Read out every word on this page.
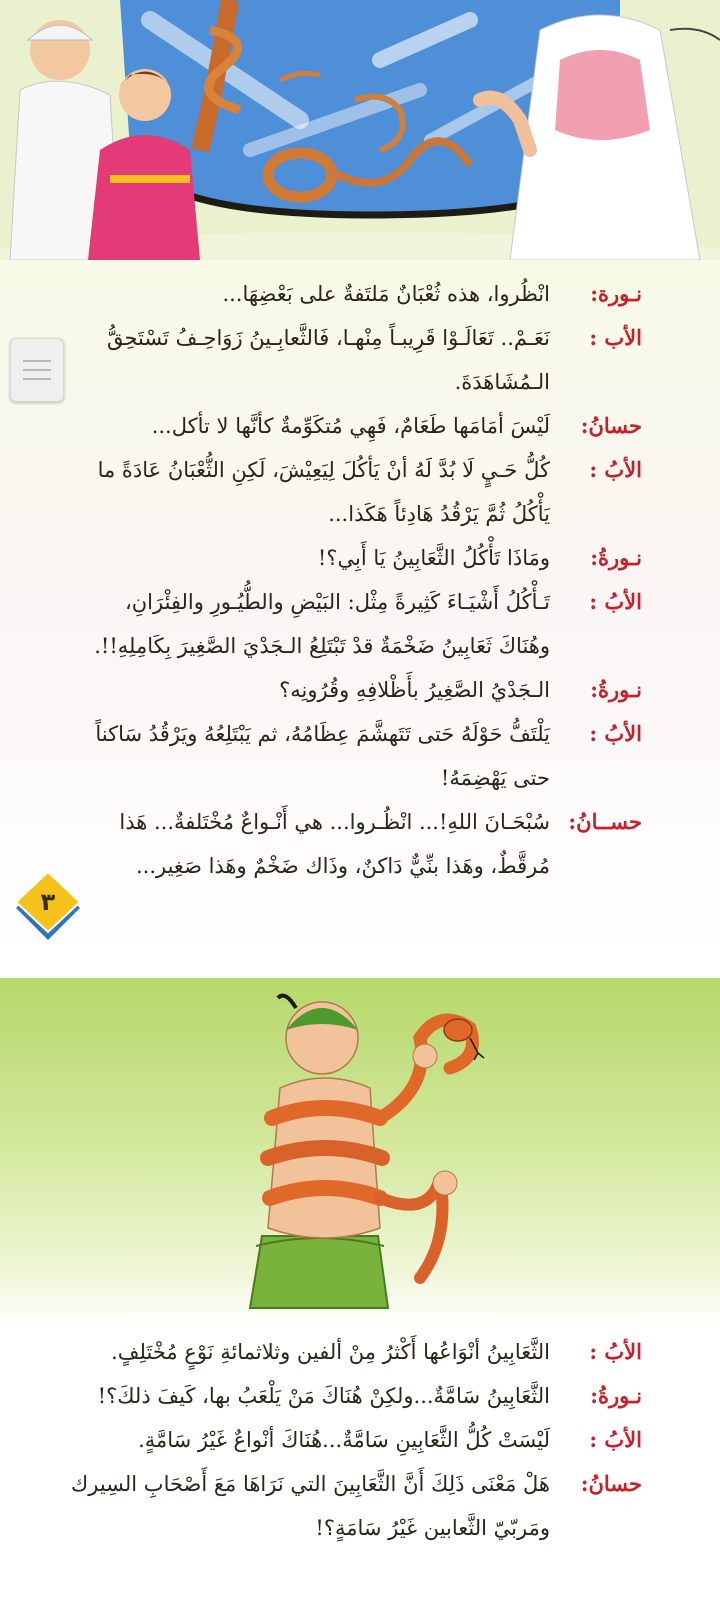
نـورة:
انْظُروا، هذه ثُعْبَانٌ مَلتَفةٌ على بَعْضِهَا...
الأب :
نَعَـمْ.. تَعَالَـوْا قَرِيبـاً مِنْهـا، فَالثَّعابِـينُ زَوَاحِـفُ تَسْتَحِقُّ الـمُشَاهَدَةَ.
حسانُ:
لَيْسَ أمَامَها طَعَامٌ، فَهِي مُتكَوِّمةٌ كأنَّها لا تأكل...
الأبُ :
كُلُّ حَـيٍ لَا بُدَّ لَهُ أنْ يَأكُلَ لِيَعِيْشَ، لَكِنِ الثُّعْبَانُ عَادَةً ما يَأْكُلُ ثُمَّ يَرْقُدُ هَادِئاً هَكَذا...
نـورةُ:
ومَاذَا تَأْكُلُ الثَّعَابِينُ يَا أَبِي؟!
الأبُ :
تَـأْكُلُ أَشْيَـاءَ كَثِيرةً مِثْل: البَيْضِ والطُّيُـورِ والفِئْرَانِ، وهُنَاكَ ثَعَابِينُ ضَخْمَةٌ قدْ تَبْتَلِعُ الـجَدْيَ الصَّغِيرَ بِكَامِلِهِ!!.
نـورةُ:
الـجَدْيُ الصَّغِيرُ بأَظْلافِهِ وقُرُونِه؟
الأبُ :
يَلْتَفُّ حَوْلَهُ حَتى تَتَهشَّمَ عِظَامُهُ، ثم يَبْتَلِعُهُ ويَرْقُدُ سَاكناً حتى يَهْضِمَهُ!
حســانُ:
سُبْحَـانَ اللهِ!... انْظُـروا... هي أَنْـواعٌ مُخْتَلفةٌ... هَذا مُرقَّطٌ، وهَذا بنِّيٌّ دَاكنٌ، وذَاك ضَخْمٌ وهَذا صَغِير...
٣
الأبُ :
الثَّعَابِينُ أنْوَاعُها أَكْثرُ مِنْ ألفين وثلاثمائةِ نَوْعٍ مُخْتَلِفٍ.
نـورةُ:
الثَّعَابِينُ سَامَّةٌ...ولكِنْ هُنَاكَ مَنْ يَلْعَبُ بها، كَيفَ ذلكَ؟!
الأبُ :
لَيْسَتْ كُلُّ الثَّعَابِينِ سَامَّةٌ...هُنَاكَ أنْواعٌ غَيْرُ سَامَّةٍ.
حسانُ:
هَلْ مَعْنَى ذَلِكَ أَنَّ الثَّعَابِينَ التي نَرَاهَا مَعَ أَصْحَابِ السِيرك ومَربّيّ الثَّعابين غَيْرُ سَامَةٍ؟!
